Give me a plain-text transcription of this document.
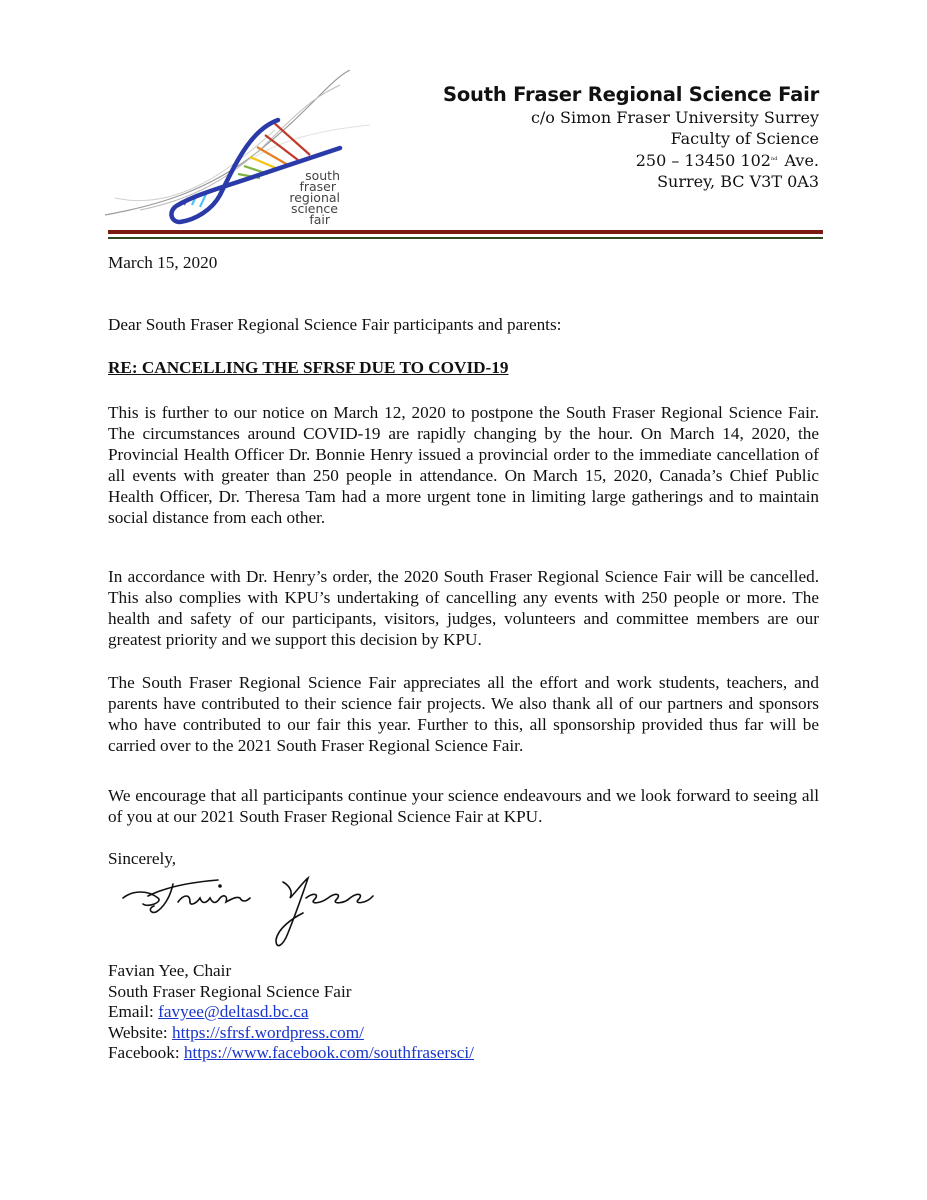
south
fraser
regional
science
fair
South Fraser Regional Science Fair
c/o Simon Fraser University Surrey
Faculty of Science
250 – 13450 102nd Ave.
Surrey, BC V3T 0A3
March 15, 2020
Dear South Fraser Regional Science Fair participants and parents:
RE: CANCELLING THE SFRSF DUE TO COVID-19
This is further to our notice on March 12, 2020 to postpone the South Fraser Regional Science Fair. The circumstances around COVID-19 are rapidly changing by the hour. On March 14, 2020, the Provincial Health Officer Dr. Bonnie Henry issued a provincial order to the immediate cancellation of all events with greater than 250 people in attendance. On March 15, 2020, Canada’s Chief Public Health Officer, Dr. Theresa Tam had a more urgent tone in limiting large gatherings and to maintain social distance from each other.
In accordance with Dr. Henry’s order, the 2020 South Fraser Regional Science Fair will be cancelled. This also complies with KPU’s undertaking of cancelling any events with 250 people or more. The health and safety of our participants, visitors, judges, volunteers and committee members are our greatest priority and we support this decision by KPU.
The South Fraser Regional Science Fair appreciates all the effort and work students, teachers, and parents have contributed to their science fair projects. We also thank all of our partners and sponsors who have contributed to our fair this year. Further to this, all sponsorship provided thus far will be carried over to the 2021 South Fraser Regional Science Fair.
We encourage that all participants continue your science endeavours and we look forward to seeing all of you at our 2021 South Fraser Regional Science Fair at KPU.
Sincerely,
Favian Yee, Chair
South Fraser Regional Science Fair
Email: favyee@deltasd.bc.ca
Website: https://sfrsf.wordpress.com/
Facebook: https://www.facebook.com/southfrasersci/
